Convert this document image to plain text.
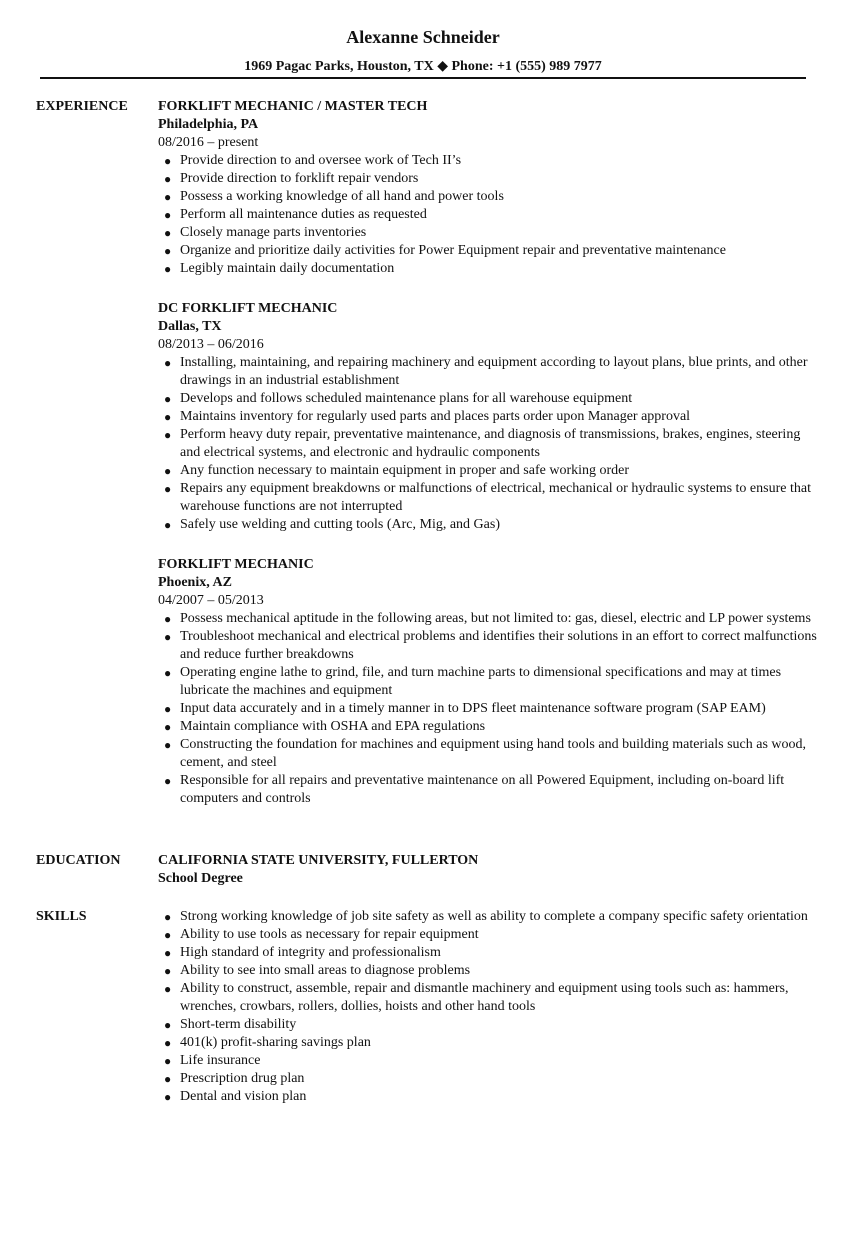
Alexanne Schneider
1969 Pagac Parks, Houston, TX ◆ Phone: +1 (555) 989 7977
EXPERIENCE FORKLIFT MECHANIC / MASTER TECH
Philadelphia, PA
08/2016 – present
● Provide direction to and oversee work of Tech II’s
● Provide direction to forklift repair vendors
● Possess a working knowledge of all hand and power tools
● Perform all maintenance duties as requested
● Closely manage parts inventories
● Organize and prioritize daily activities for Power Equipment repair and preventative maintenance
● Legibly maintain daily documentation
DC FORKLIFT MECHANIC
Dallas, TX
08/2013 – 06/2016
● Installing, maintaining, and repairing machinery and equipment according to layout plans, blue prints, and other drawings in an industrial establishment
● Develops and follows scheduled maintenance plans for all warehouse equipment
● Maintains inventory for regularly used parts and places parts order upon Manager approval
● Perform heavy duty repair, preventative maintenance, and diagnosis of transmissions, brakes, engines, steering and electrical systems, and electronic and hydraulic components
● Any function necessary to maintain equipment in proper and safe working order
● Repairs any equipment breakdowns or malfunctions of electrical, mechanical or hydraulic systems to ensure that warehouse functions are not interrupted
● Safely use welding and cutting tools (Arc, Mig, and Gas)
FORKLIFT MECHANIC
Phoenix, AZ
04/2007 – 05/2013
● Possess mechanical aptitude in the following areas, but not limited to: gas, diesel, electric and LP power systems
● Troubleshoot mechanical and electrical problems and identifies their solutions in an effort to correct malfunctions and reduce further breakdowns
● Operating engine lathe to grind, file, and turn machine parts to dimensional specifications and may at times lubricate the machines and equipment
● Input data accurately and in a timely manner in to DPS fleet maintenance software program (SAP EAM)
● Maintain compliance with OSHA and EPA regulations
● Constructing the foundation for machines and equipment using hand tools and building materials such as wood, cement, and steel
● Responsible for all repairs and preventative maintenance on all Powered Equipment, including on-board lift computers and controls
EDUCATION	CALIFORNIA STATE UNIVERSITY, FULLERTON
School Degree
SKILLS	● Strong working knowledge of job site safety as well as ability to complete a company specific safety orientation
● Ability to use tools as necessary for repair equipment
● High standard of integrity and professionalism
● Ability to see into small areas to diagnose problems
● Ability to construct, assemble, repair and dismantle machinery and equipment using tools such as: hammers, wrenches, crowbars, rollers, dollies, hoists and other hand tools
● Short-term disability
● 401(k) profit-sharing savings plan
● Life insurance
● Prescription drug plan
● Dental and vision plan
